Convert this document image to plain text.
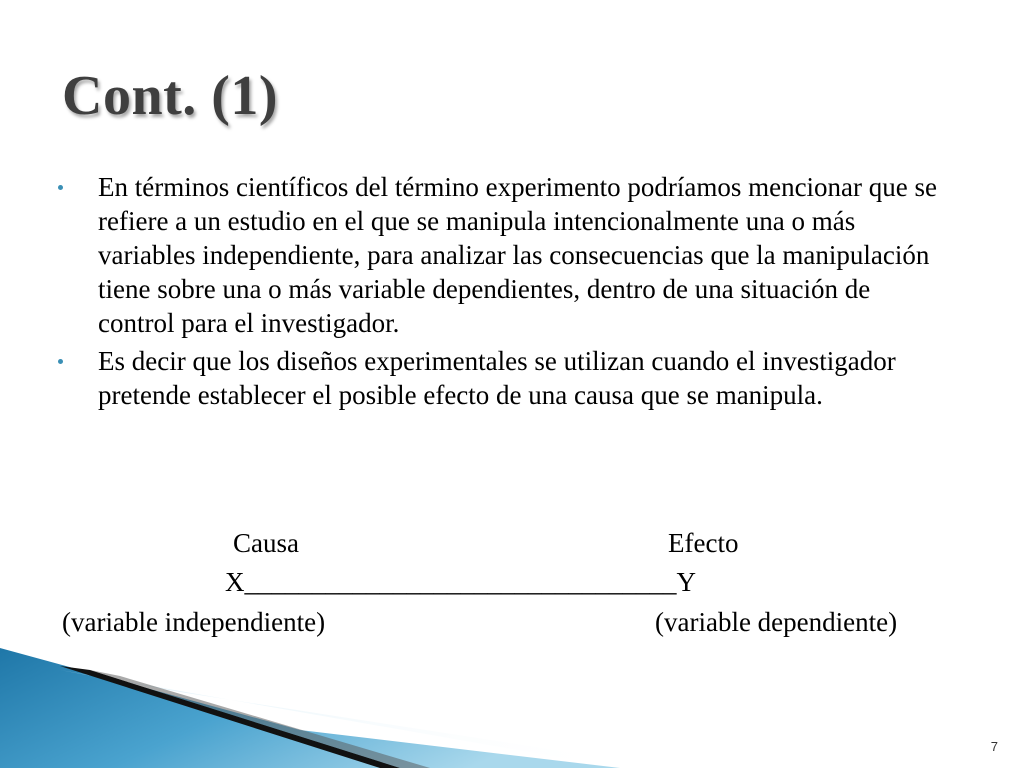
Cont. (1)
En términos científicos del término experimento podríamos mencionar que se refiere a un estudio en el que se manipula intencionalmente una o más variables independiente, para analizar las consecuencias que la manipulación tiene sobre una o más variable dependientes, dentro de una situación de control para el investigador.
Es decir que los diseños experimentales se utilizan cuando el investigador pretende establecer el posible efecto de una causa que se manipula.
Causa	Efecto
X________________________________Y
(variable independiente)	(variable dependiente)
7
